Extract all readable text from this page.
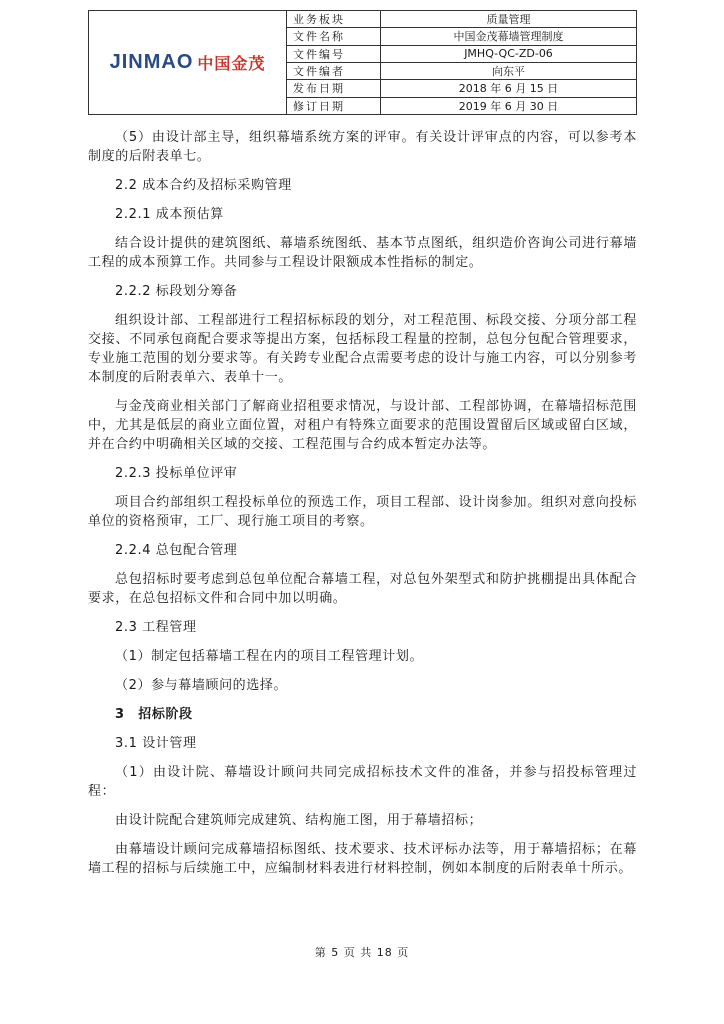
JINMAO 中国金茂
业务板块	质量管理
文件名称	中国金茂幕墙管理制度
文件编号	JMHQ-QC-ZD-06
文件编者	向东平
发布日期	2018 年 6 月 15 日
修订日期	2019 年 6 月 30 日

（5）由设计部主导，组织幕墙系统方案的评审。有关设计评审点的内容，可以参考本制度的后附表单七。

2.2 成本合约及招标采购管理

2.2.1 成本预估算

结合设计提供的建筑图纸、幕墙系统图纸、基本节点图纸，组织造价咨询公司进行幕墙工程的成本预算工作。共同参与工程设计限额成本性指标的制定。

2.2.2 标段划分筹备

组织设计部、工程部进行工程招标标段的划分，对工程范围、标段交接、分项分部工程交接、不同承包商配合要求等提出方案，包括标段工程量的控制，总包分包配合管理要求，专业施工范围的划分要求等。有关跨专业配合点需要考虑的设计与施工内容，可以分别参考本制度的后附表单六、表单十一。

与金茂商业相关部门了解商业招租要求情况，与设计部、工程部协调，在幕墙招标范围中，尤其是低层的商业立面位置，对租户有特殊立面要求的范围设置留后区域或留白区域，并在合约中明确相关区域的交接、工程范围与合约成本暂定办法等。

2.2.3 投标单位评审

项目合约部组织工程投标单位的预选工作，项目工程部、设计岗参加。组织对意向投标单位的资格预审，工厂、现行施工项目的考察。

2.2.4 总包配合管理

总包招标时要考虑到总包单位配合幕墙工程，对总包外架型式和防护挑棚提出具体配合要求，在总包招标文件和合同中加以明确。

2.3 工程管理

（1）制定包括幕墙工程在内的项目工程管理计划。

（2）参与幕墙顾问的选择。

3　招标阶段

3.1 设计管理

（1）由设计院、幕墙设计顾问共同完成招标技术文件的准备，并参与招投标管理过程：

由设计院配合建筑师完成建筑、结构施工图，用于幕墙招标；

由幕墙设计顾问完成幕墙招标图纸、技术要求、技术评标办法等，用于幕墙招标；在幕墙工程的招标与后续施工中，应编制材料表进行材料控制，例如本制度的后附表单十所示。

第 5 页 共 18 页
